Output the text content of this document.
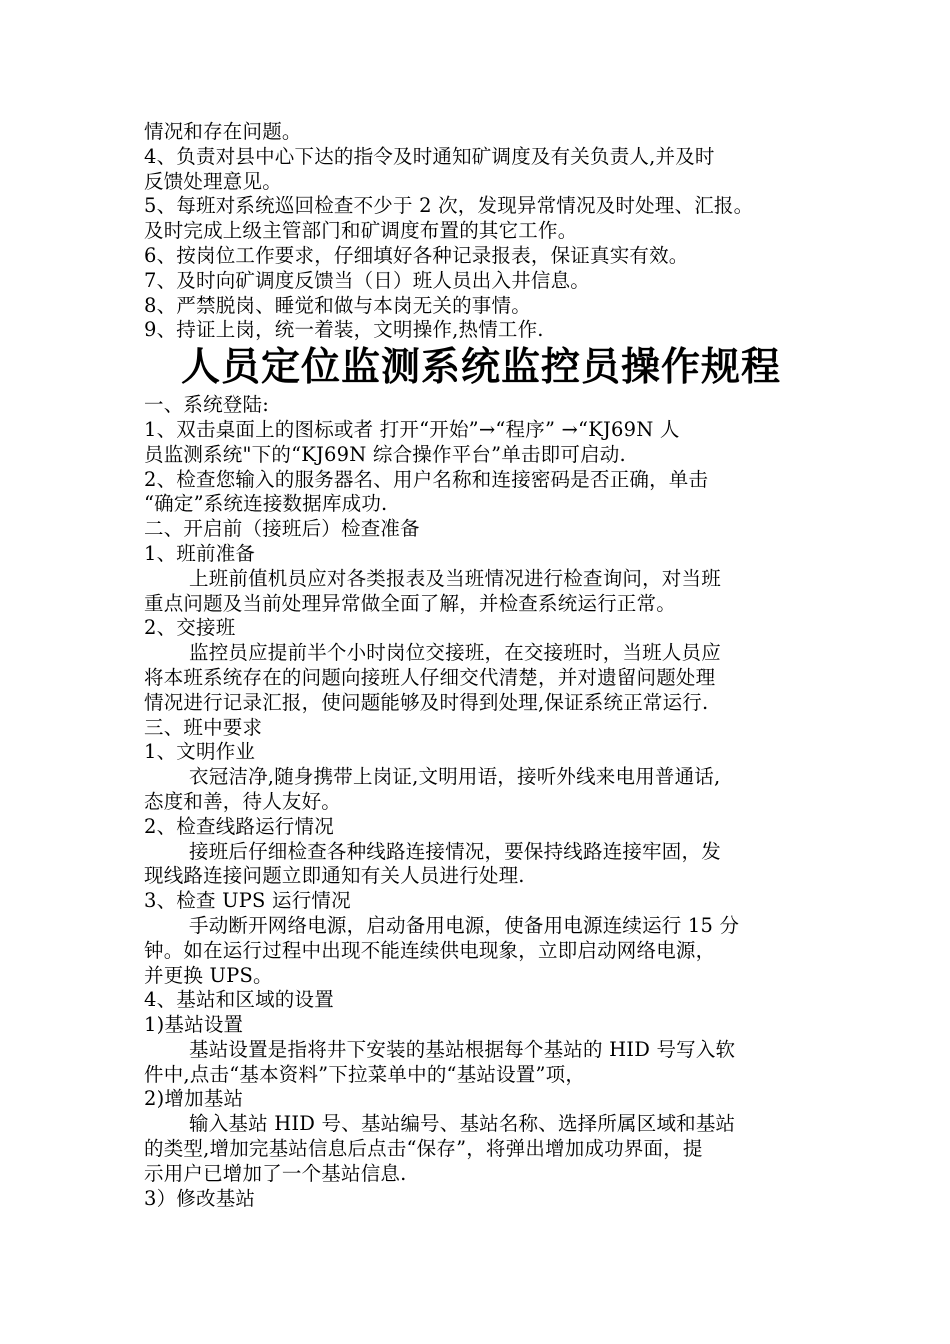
情况和存在问题。
4、负责对县中心下达的指令及时通知矿调度及有关负责人,并及时
反馈处理意见。
5、每班对系统巡回检查不少于 2 次，发现异常情况及时处理、汇报。
及时完成上级主管部门和矿调度布置的其它工作。
6、按岗位工作要求，仔细填好各种记录报表，保证真实有效。
7、及时向矿调度反馈当（日）班人员出入井信息。
8、严禁脱岗、睡觉和做与本岗无关的事情。
9、持证上岗，统一着装，文明操作,热情工作.
人员定位监测系统监控员操作规程
一、系统登陆:
1、双击桌面上的图标或者 打开“开始”→“程序” →“KJ69N 人
员监测系统"下的“KJ69N 综合操作平台”单击即可启动.
2、检查您输入的服务器名、用户名称和连接密码是否正确，单击
“确定”系统连接数据库成功.
二、开启前（接班后）检查准备
1、班前准备
上班前值机员应对各类报表及当班情况进行检查询问，对当班
重点问题及当前处理异常做全面了解，并检查系统运行正常。
2、交接班
监控员应提前半个小时岗位交接班，在交接班时，当班人员应
将本班系统存在的问题向接班人仔细交代清楚，并对遗留问题处理
情况进行记录汇报，使问题能够及时得到处理,保证系统正常运行.
三、班中要求
1、文明作业
衣冠洁净,随身携带上岗证,文明用语，接听外线来电用普通话,
态度和善，待人友好。
2、检查线路运行情况
接班后仔细检查各种线路连接情况，要保持线路连接牢固，发
现线路连接问题立即通知有关人员进行处理.
3、检查 UPS 运行情况
手动断开网络电源，启动备用电源，使备用电源连续运行 15 分
钟。如在运行过程中出现不能连续供电现象，立即启动网络电源，
并更换 UPS。
4、基站和区域的设置
1)基站设置
基站设置是指将井下安装的基站根据每个基站的 HID 号写入软
件中,点击“基本资料”下拉菜单中的“基站设置”项，
2)增加基站
输入基站 HID 号、基站编号、基站名称、选择所属区域和基站
的类型,增加完基站信息后点击“保存”，将弹出增加成功界面，提
示用户已增加了一个基站信息.
3）修改基站
